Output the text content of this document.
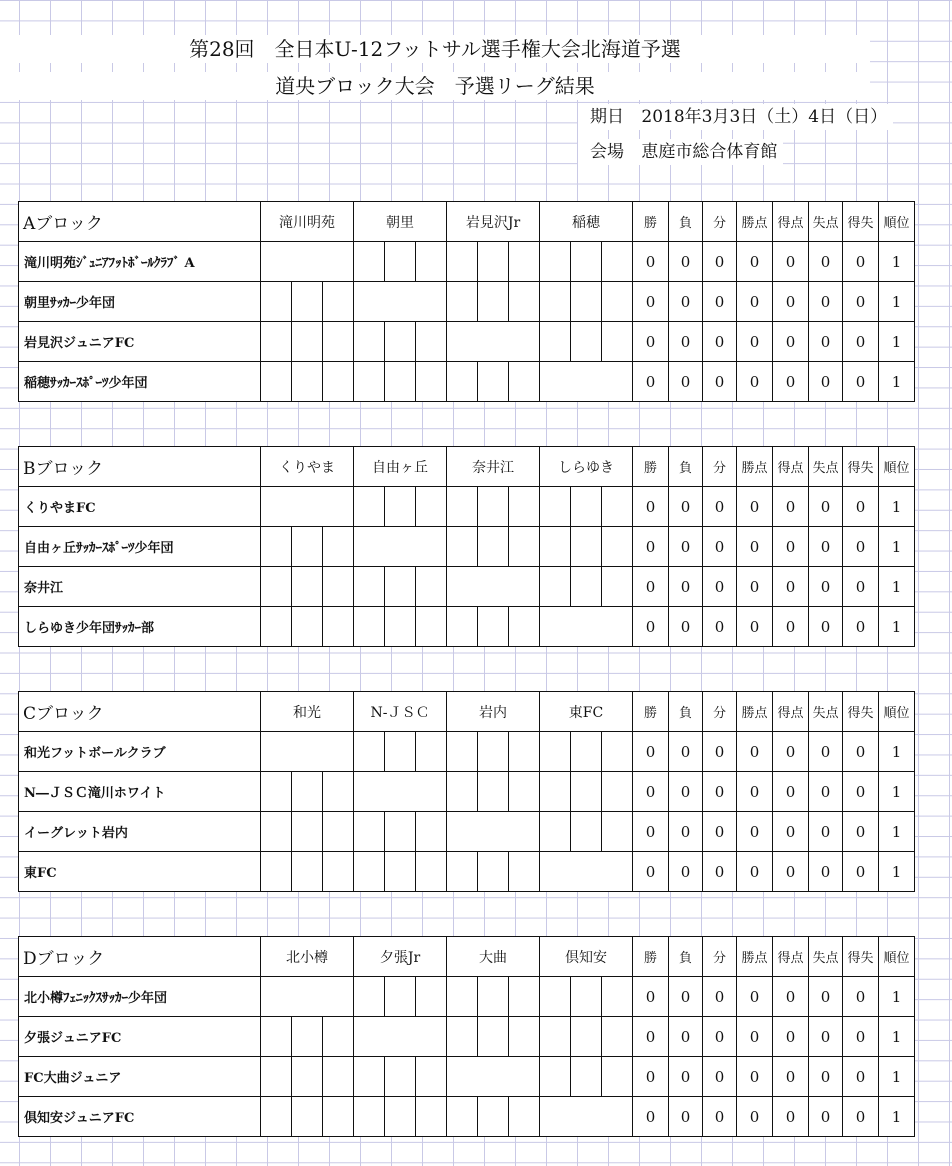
第28回　全日本U-12フットサル選手権大会北海道予選
道央ブロック大会　予選リーグ結果
期日 2018年3月3日（土）4日（日）
会場 恵庭市総合体育館
Aブロック	滝川明苑	朝里	岩見沢Jr	稲穂	勝	負	分	勝点	得点	失点	得失	順位
滝川明苑ｼﾞｭﾆｱﾌｯﾄﾎﾞｰﾙｸﾗﾌﾞ A					0	0	0	0	0	0	0	1
朝里ｻｯｶｰ少年団					0	0	0	0	0	0	0	1
岩見沢ジュニアFC					0	0	0	0	0	0	0	1
稲穂ｻｯｶｰｽﾎﾟｰﾂ少年団					0	0	0	0	0	0	0	1
Bブロック	くりやま	自由ヶ丘	奈井江	しらゆき	勝	負	分	勝点	得点	失点	得失	順位
くりやまFC					0	0	0	0	0	0	0	1
自由ヶ丘ｻｯｶｰｽﾎﾟｰﾂ少年団					0	0	0	0	0	0	0	1
奈井江					0	0	0	0	0	0	0	1
しらゆき少年団ｻｯｶｰ部					0	0	0	0	0	0	0	1
Cブロック	和光	N-ＪＳＣ	岩内	東FC	勝	負	分	勝点	得点	失点	得失	順位
和光フットボールクラブ					0	0	0	0	0	0	0	1
N―ＪＳＣ滝川ホワイト					0	0	0	0	0	0	0	1
イーグレット岩内					0	0	0	0	0	0	0	1
東FC					0	0	0	0	0	0	0	1
Dブロック	北小樽	夕張Jr	大曲	倶知安	勝	負	分	勝点	得点	失点	得失	順位
北小樽ﾌｪﾆｯｸｽｻｯｶｰ少年団					0	0	0	0	0	0	0	1
夕張ジュニアFC					0	0	0	0	0	0	0	1
FC大曲ジュニア					0	0	0	0	0	0	0	1
倶知安ジュニアFC					0	0	0	0	0	0	0	1
